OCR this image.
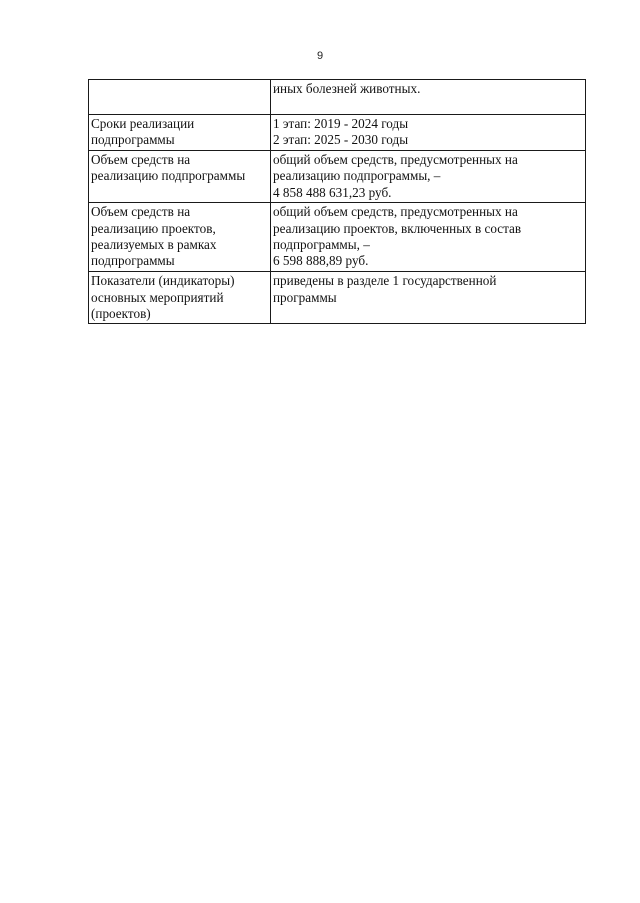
9

	иных болезней животных.

Сроки реализации
подпрограммы	1 этап: 2019 - 2024 годы
2 этап: 2025 - 2030 годы

Объем средств на
реализацию подпрограммы	общий объем средств, предусмотренных на
реализацию подпрограммы, –
4 858 488 631,23 руб.

Объем средств на
реализацию проектов,
реализуемых в рамках
подпрограммы	общий объем средств, предусмотренных на
реализацию проектов, включенных в состав
подпрограммы, –
6 598 888,89 руб.

Показатели (индикаторы)
основных мероприятий
(проектов)	приведены в разделе 1 государственной
программы
